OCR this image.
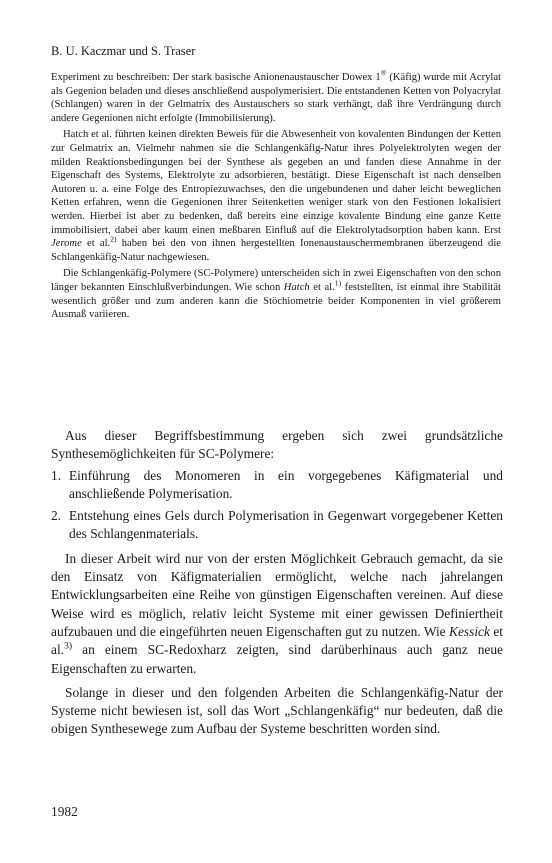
B. U. Kaczmar und S. Traser

Experiment zu beschreiben: Der stark basische Anionenaustauscher Dowex 1® (Käfig) wurde mit Acrylat als Gegenion beladen und dieses anschließend auspolymerisiert. Die entstandenen Ketten von Polyacrylat (Schlangen) waren in der Gelmatrix des Austauschers so stark verhängt, daß ihre Verdrängung durch andere Gegenionen nicht erfolgte (Immobilisierung).

Hatch et al. führten keinen direkten Beweis für die Abwesenheit von kovalenten Bindungen der Ketten zur Gelmatrix an. Vielmehr nahmen sie die Schlangenkäfig-Natur ihres Polyelektrolyten wegen der milden Reaktionsbedingungen bei der Synthese als gegeben an und fanden diese Annahme in der Eigenschaft des Systems, Elektrolyte zu adsorbieren, bestätigt. Diese Eigenschaft ist nach denselben Autoren u. a. eine Folge des Entropiezuwachses, den die ungebundenen und daher leicht beweglichen Ketten erfahren, wenn die Gegenionen ihrer Seitenketten weniger stark von den Festionen lokalisiert werden. Hierbei ist aber zu bedenken, daß bereits eine einzige kovalente Bindung eine ganze Kette immobilisiert, dabei aber kaum einen meßbaren Einfluß auf die Elektrolytadsorption haben kann. Erst Jerome et al.$^{2)}$ haben bei den von ihnen hergestellten Ionenaustauschermembranen überzeugend die Schlangenkäfig-Natur nachgewiesen.

Die Schlangenkäfig-Polymere (SC-Polymere) unterscheiden sich in zwei Eigenschaften von den schon länger bekannten Einschlußverbindungen. Wie schon Hatch et al.$^{1)}$ feststellten, ist einmal ihre Stabilität wesentlich größer und zum anderen kann die Stöchiometrie beider Komponenten in viel größerem Ausmaß variieren.

Aus dieser Begriffsbestimmung ergeben sich zwei grundsätzliche Synthesemöglichkeiten für SC-Polymere:

1. Einführung des Monomeren in ein vorgegebenes Käfigmaterial und anschließende Polymerisation.
2. Entstehung eines Gels durch Polymerisation in Gegenwart vorgegebener Ketten des Schlangenmaterials.

In dieser Arbeit wird nur von der ersten Möglichkeit Gebrauch gemacht, da sie den Einsatz von Käfigmaterialien ermöglicht, welche nach jahrelangen Entwicklungsarbeiten eine Reihe von günstigen Eigenschaften vereinen. Auf diese Weise wird es möglich, relativ leicht Systeme mit einer gewissen Definiertheit aufzubauen und die eingeführten neuen Eigenschaften gut zu nutzen. Wie Kessick et al.$^{3)}$ an einem SC-Redoxharz zeigten, sind darüberhinaus auch ganz neue Eigenschaften zu erwarten.

Solange in dieser und den folgenden Arbeiten die Schlangenkäfig-Natur der Systeme nicht bewiesen ist, soll das Wort „Schlangenkäfig“ nur bedeuten, daß die obigen Synthesewege zum Aufbau der Systeme beschritten worden sind.

1982
